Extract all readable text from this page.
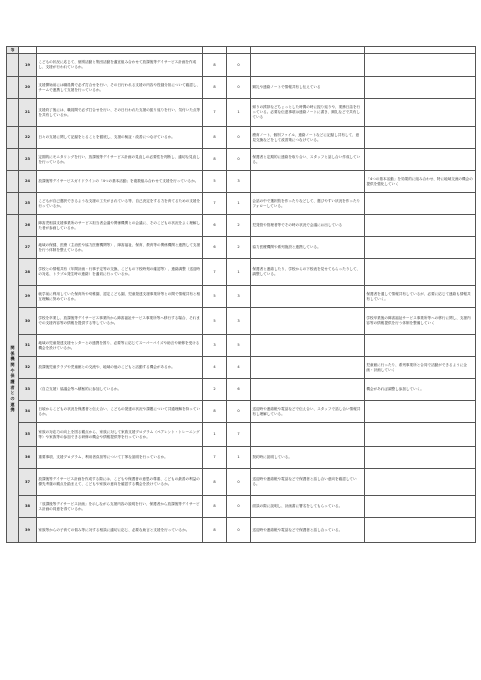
等						
	19	こどもの状況に応じて、個別活動と集団活動を適宜組み合わせて放課後等デイサービス計画を作成し、支援が行われているか。	8	0		
	20	支援開始前には職員間で必ず打合せを行い、その日行われる支援の内容や役割分担について確認し、チームで連携して支援を行っているか。	8	0	顕礼や連絡ノートで情報共有し伝えている	
	21	支援終了後には、職員間で必ず打合せを行い、その日行われた支援の振り返りを行い、気付いた点等を共有しているか。	7	1	帰りの挨拶などちょっとした時間の時に振り返りや、業務日誌を行っている。必要な伝達事項は連絡ノートに書き、顕礼などで共有している	
	22	日々の支援に関して記録をとることを徹底し、支援の検証・改善につなげているか。	8	0	療育ノート、個別ファイル、連絡ノートなどに記録し共有して、意見交換などをして改善策につなげている。	
	23	定期的にモニタリングを行い、放課後等デイサービス計画の見直しの必要性を判断し、適切な見直しを行っているか。	8	0	保護者と定期的に連絡を取り合い、スタッフと話し合い作成している。	
	24	放課後等デイサービスガイドラインの「4つの基本活動」を複数組み合わせて支援を行っているか。	5	3		「4つの基本活動」を効果的に組み合わせ、特に地域交流の機会の提供を強化していく
	25	こどもが自己選択できるような支援の工夫がされている等、自己決定をする力を育てるための支援を行っているか。	7	1	会話の中で選択肢を作ったりなどして、選びやすい状況を作ったりフォローしている。	

関係機関や保護者との連携	26	障害児相談支援事業所のサービス担当者会議や関係機関との会議に、そのこどもの状況をよく理解した者が参画しているか。	6	2	児発管や管理者等でその時の状況で会議にお出している	
	27	地域の保健、医療（主治医や協力医療機関等）、障害福祉、保育、教育等の関係機関と連携して支援を行う体制を整えているか。	6	2	協力医療機関や系列施設と連携している。	
	28	学校との情報共有（年間計画・行事予定等の交換、こどもの下校時刻の確認等）、連絡調整（送迎時の対応、トラブル発生時の連絡）を適切に行っているか。	7	1	保護者と連絡したり、学校からの下校表を見せてもらったりして、調整している。	
	29	就学前に利用していた保育所や幼稚園、認定こども園、児童発達支援事業所等との間で情報共有と相互理解に努めているか。	5	3		保護者を通して情報共有しているが、必要に応じて連絡も情報共有していく。
	30	学校を卒業し、放課後等デイサービス事業所から障害福祉サービス事業所等へ移行する場合、それまでの支援内容等の情報を提供する等しているか。	5	3		学校卒業後の障害福祉サービス事業所等への移行に関し、支援内容等の情報提供を行う体制を整備していく
	31	地域の児童発達支援センターとの連携を図り、必要等に応じてスーパーバイズや助言や研修を受ける機会を設けているか。	3	5		
	32	放課後児童クラブや児童館との交流や、地域の他のこどもと活動する機会があるか。	4	4		児童館に行ったり、系列事業所と合同で活動ができるように企画・計画していく
	33	（自立支援）協議会等へ積極的に参加しているか。	2	6		機会があれば調整し参加していく。
	34	日頃からこどもの状況を保護者と伝え合い、こどもの発達の状況や課題について共通理解を持っているか。	8	0	送迎時や連絡帳や電話などで伝え合い、スタッフで話し合い情報共有し理解している。	
	35	家族の対応力の向上を図る観点から、家族に対して家族支援プログラム（ペアレント・トレーニング等）や家族等の参加できる研修の機会や情報提供等を行っているか。	1	7		
	36	重要事項、支援プログラム、利用者負担等について丁寧な説明を行っているか。	7	1	契約時に説明している。	
	37	放課後等デイサービス計画を作成する際には、こどもや保護者の意思の尊重、こどもの最善の利益の優先考慮の観点を踏まえて、こどもや家族の意向を確認する機会を設けているか。	8	0	送迎時や連絡帳や電話などで保護者と話し合い意向を確認している。	
	38	「放課後等デイサービス計画」を示しながら支援内容の説明を行い、保護者から放課後等デイサービス計画の同意を得ているか。	8	0	面談の際に説明し、計画書に署名をしてもらっている。	
	39	家族等からの子育ての悩み等に対する相談に適切に応じ、必要な助言と支援を行っているか。	8	0	送迎時や連絡帳や電話などで保護者と話し合っている。	
